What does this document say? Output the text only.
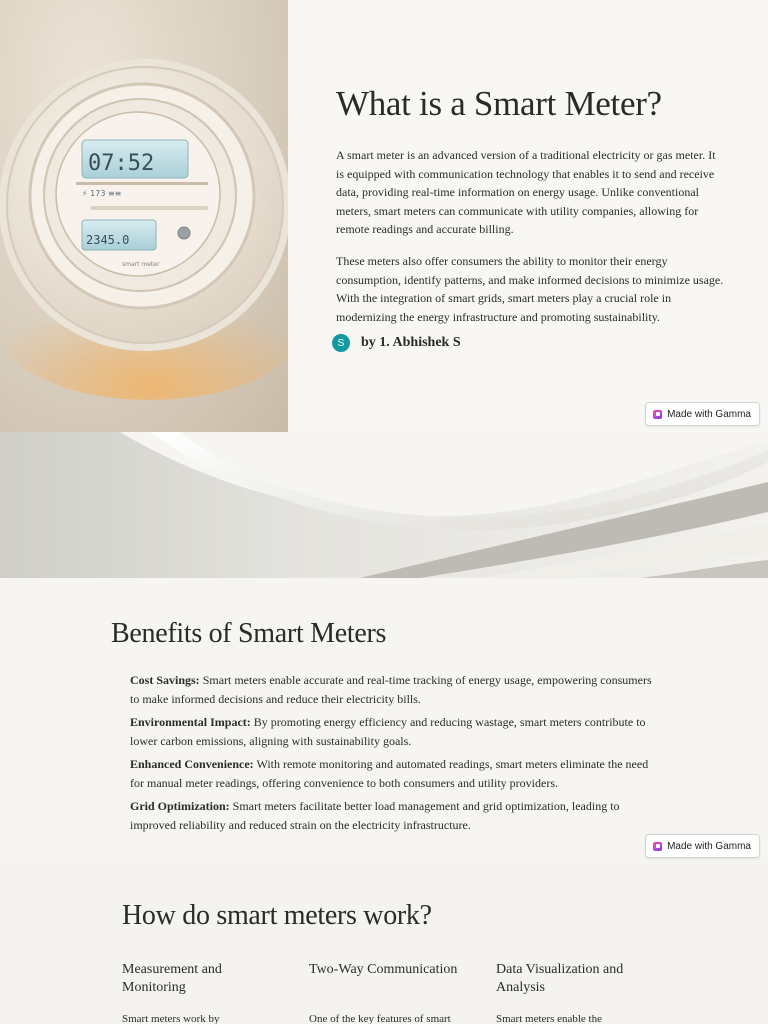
07:52
⚡ 173 ≡≡
2345.0
smart meter
What is a Smart Meter?

A smart meter is an advanced version of a traditional electricity or gas meter. It is equipped with communication technology that enables it to send and receive data, providing real-time information on energy usage. Unlike conventional meters, smart meters can communicate with utility companies, allowing for remote readings and accurate billing.

These meters also offer consumers the ability to monitor their energy consumption, identify patterns, and make informed decisions to minimize usage. With the integration of smart grids, smart meters play a crucial role in modernizing the energy infrastructure and promoting sustainability.

S	by 1. Abhishek S
Made with Gamma
Benefits of Smart Meters
Cost Savings: Smart meters enable accurate and real-time tracking of energy usage, empowering consumers to make informed decisions and reduce their electricity bills.
Environmental Impact: By promoting energy efficiency and reducing wastage, smart meters contribute to lower carbon emissions, aligning with sustainability goals.
Enhanced Convenience: With remote monitoring and automated readings, smart meters eliminate the need for manual meter readings, offering convenience to both consumers and utility providers.
Grid Optimization: Smart meters facilitate better load management and grid optimization, leading to improved reliability and reduced strain on the electricity infrastructure.
Made with Gamma
How do smart meters work?
Measurement and Monitoring

Smart meters work by

Two-Way Communication

One of the key features of smart

Data Visualization and Analysis

Smart meters enable the
